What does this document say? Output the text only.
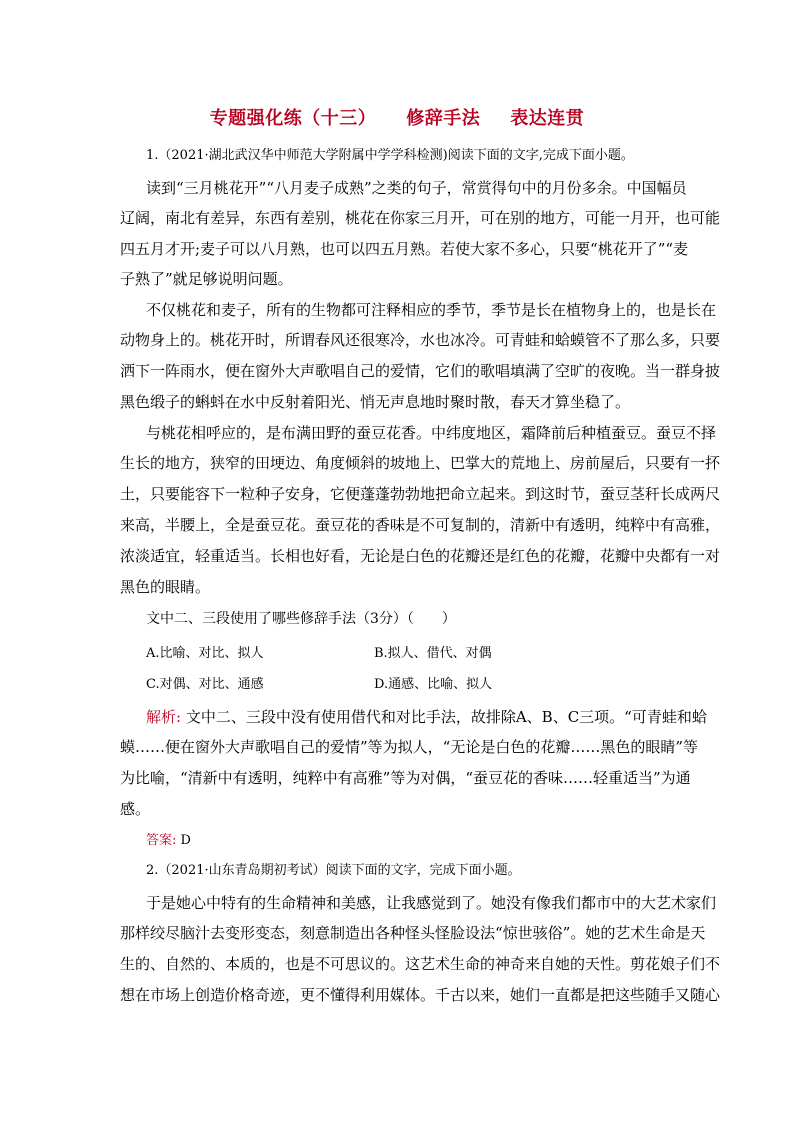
专题强化练（十三） 修辞手法 表达连贯
1.（2021·湖北武汉华中师范大学附属中学学科检测)阅读下面的文字,完成下面小题。
读到“三月桃花开”“八月麦子成熟”之类的句子，常赏得句中的月份多余。中国幅员
辽阔，南北有差异，东西有差别，桃花在你家三月开，可在别的地方，可能一月开，也可能
四五月才开;麦子可以八月熟，也可以四五月熟。若使大家不多心，只要“桃花开了”“麦
子熟了”就足够说明问题。
不仅桃花和麦子，所有的生物都可注释相应的季节，季节是长在植物身上的，也是长在
动物身上的。桃花开时，所谓春风还很寒冷，水也冰冷。可青蛙和蛤蟆管不了那么多，只要
洒下一阵雨水，便在窗外大声歌唱自己的爱情，它们的歌唱填满了空旷的夜晚。当一群身披
黑色缎子的蝌蚪在水中反射着阳光、悄无声息地时聚时散，春天才算坐稳了。
与桃花相呼应的，是布满田野的蚕豆花香。中纬度地区，霜降前后种植蚕豆。蚕豆不择
生长的地方，狭窄的田埂边、角度倾斜的坡地上、巴掌大的荒地上、房前屋后，只要有一抔
土，只要能容下一粒种子安身，它便蓬蓬勃勃地把命立起来。到这时节，蚕豆茎秆长成两尺
来高，半腰上，全是蚕豆花。蚕豆花的香味是不可复制的，清新中有透明，纯粹中有高雅，
浓淡适宜，轻重适当。长相也好看，无论是白色的花瓣还是红色的花瓣，花瓣中央都有一对
黑色的眼睛。
文中二、三段使用了哪些修辞手法（3分）（　　）
A.比喻、对比、拟人	B.拟人、借代、对偶
C.对偶、对比、通感	D.通感、比喻、拟人
解析: 文中二、三段中没有使用借代和对比手法，故排除A、B、C三项。“可青蛙和蛤
蟆……便在窗外大声歌唱自己的爱情”等为拟人，“无论是白色的花瓣……黑色的眼睛”等
为比喻，“清新中有透明，纯粹中有高雅”等为对偶，“蚕豆花的香味……轻重适当”为通
感。
答案: D
2.（2021·山东青岛期初考试）阅读下面的文字，完成下面小题。
于是她心中特有的生命精神和美感，让我感觉到了。她没有像我们都市中的大艺术家们
那样绞尽脑汁去变形变态，刻意制造出各种怪头怪脸设法“惊世骇俗”。她的艺术生命是天
生的、自然的、本质的，也是不可思议的。这艺术生命的神奇来自她的天性。剪花娘子们不
想在市场上创造价格奇迹，更不懂得利用媒体。千古以来，她们一直都是把这些随手又随心
